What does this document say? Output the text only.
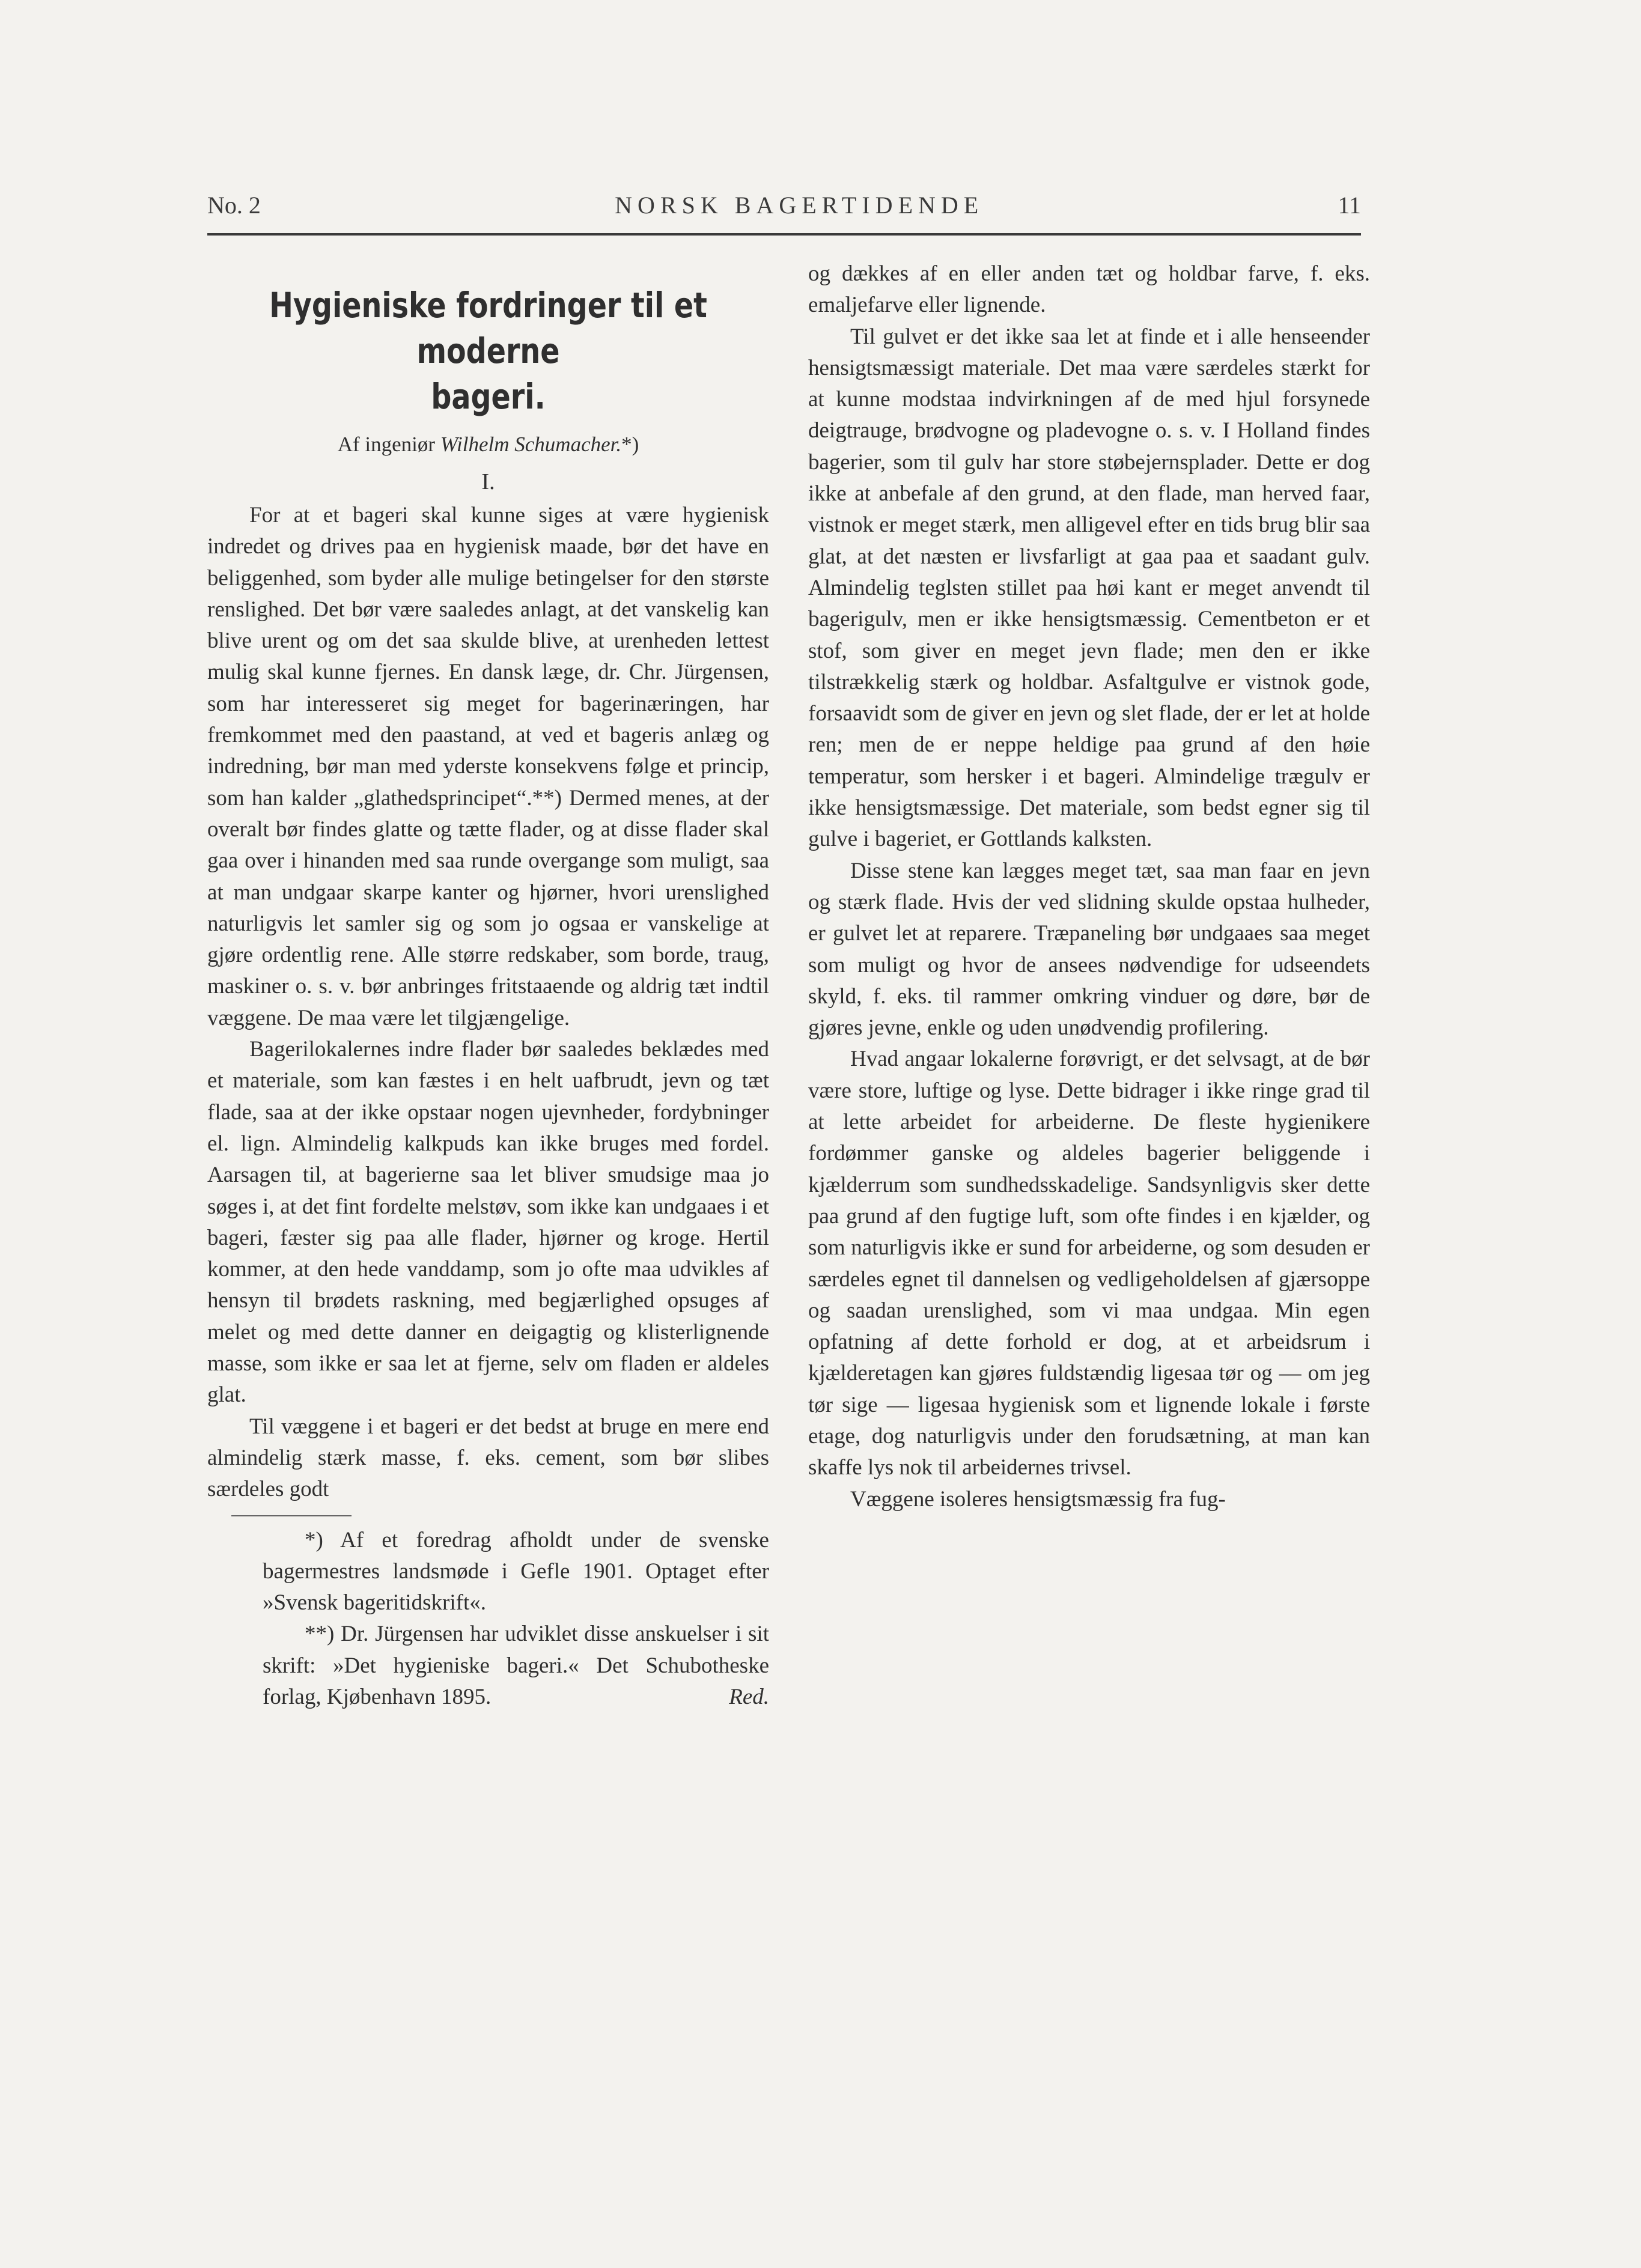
No. 2	NORSK BAGERTIDENDE	11
Hygieniske fordringer til et moderne
bageri.
Af ingeniør Wilhelm Schumacher.*)
I.

For at et bageri skal kunne siges at være hygienisk indredet og drives paa en hygienisk maade, bør det have en beliggenhed, som byder alle mulige betingelser for den største renslighed. Det bør være saaledes anlagt, at det vanskelig kan blive urent og om det saa skulde blive, at urenheden lettest mulig skal kunne fjernes. En dansk læge, dr. Chr. Jürgensen, som har interesseret sig meget for bagerinæringen, har fremkommet med den paastand, at ved et bageris anlæg og indredning, bør man med yderste konsekvens følge et princip, som han kalder „glathedsprincipet“.**) Dermed menes, at der overalt bør findes glatte og tætte flader, og at disse flader skal gaa over i hinanden med saa runde overgange som muligt, saa at man undgaar skarpe kanter og hjørner, hvori urenslighed naturligvis let samler sig og som jo ogsaa er vanskelige at gjøre ordentlig rene. Alle større redskaber, som borde, traug, maskiner o. s. v. bør anbringes fritstaaende og aldrig tæt indtil væggene. De maa være let tilgjængelige.

Bagerilokalernes indre flader bør saaledes beklædes med et materiale, som kan fæstes i en helt uafbrudt, jevn og tæt flade, saa at der ikke opstaar nogen ujevnheder, fordybninger el. lign. Almindelig kalkpuds kan ikke bruges med fordel. Aarsagen til, at bagerierne saa let bliver smudsige maa jo søges i, at det fint fordelte melstøv, som ikke kan undgaaes i et bageri, fæster sig paa alle flader, hjørner og kroge. Hertil kommer, at den hede vanddamp, som jo ofte maa udvikles af hensyn til brødets raskning, med begjærlighed opsuges af melet og med dette danner en deigagtig og klisterlignende masse, som ikke er saa let at fjerne, selv om fladen er aldeles glat.

Til væggene i et bageri er det bedst at bruge en mere end almindelig stærk masse, f. eks. cement, som bør slibes særdeles godt

*) Af et foredrag afholdt under de svenske bagermestres landsmøde i Gefle 1901. Optaget efter »Svensk bageritidskrift«.

**) Dr. Jürgensen har udviklet disse anskuelser i sit skrift: »Det hygieniske bageri.« Det Schubotheske forlag, Kjøbenhavn 1895.	Red.

og dækkes af en eller anden tæt og holdbar farve, f. eks. emaljefarve eller lignende.

Til gulvet er det ikke saa let at finde et i alle henseender hensigtsmæssigt materiale. Det maa være særdeles stærkt for at kunne modstaa indvirkningen af de med hjul forsynede deigtrauge, brødvogne og pladevogne o. s. v. I Holland findes bagerier, som til gulv har store støbejernsplader. Dette er dog ikke at anbefale af den grund, at den flade, man herved faar, vistnok er meget stærk, men alligevel efter en tids brug blir saa glat, at det næsten er livsfarligt at gaa paa et saadant gulv. Almindelig teglsten stillet paa høi kant er meget anvendt til bagerigulv, men er ikke hensigtsmæssig. Cementbeton er et stof, som giver en meget jevn flade; men den er ikke tilstrækkelig stærk og holdbar. Asfaltgulve er vistnok gode, forsaavidt som de giver en jevn og slet flade, der er let at holde ren; men de er neppe heldige paa grund af den høie temperatur, som hersker i et bageri. Almindelige trægulv er ikke hensigtsmæssige. Det materiale, som bedst egner sig til gulve i bageriet, er Gottlands kalksten.

Disse stene kan lægges meget tæt, saa man faar en jevn og stærk flade. Hvis der ved slidning skulde opstaa hulheder, er gulvet let at reparere. Træpaneling bør undgaaes saa meget som muligt og hvor de ansees nødvendige for udseendets skyld, f. eks. til rammer omkring vinduer og døre, bør de gjøres jevne, enkle og uden unødvendig profilering.

Hvad angaar lokalerne forøvrigt, er det selvsagt, at de bør være store, luftige og lyse. Dette bidrager i ikke ringe grad til at lette arbeidet for arbeiderne. De fleste hygienikere fordømmer ganske og aldeles bagerier beliggende i kjælderrum som sundhedsskadelige. Sandsynligvis sker dette paa grund af den fugtige luft, som ofte findes i en kjælder, og som naturligvis ikke er sund for arbeiderne, og som desuden er særdeles egnet til dannelsen og vedligeholdelsen af gjærsoppe og saadan urenslighed, som vi maa undgaa. Min egen opfatning af dette forhold er dog, at et arbeidsrum i kjælderetagen kan gjøres fuldstændig ligesaa tør og — om jeg tør sige — ligesaa hygienisk som et lignende lokale i første etage, dog naturligvis under den forudsætning, at man kan skaffe lys nok til arbeidernes trivsel.

Væggene isoleres hensigtsmæssig fra fug-
